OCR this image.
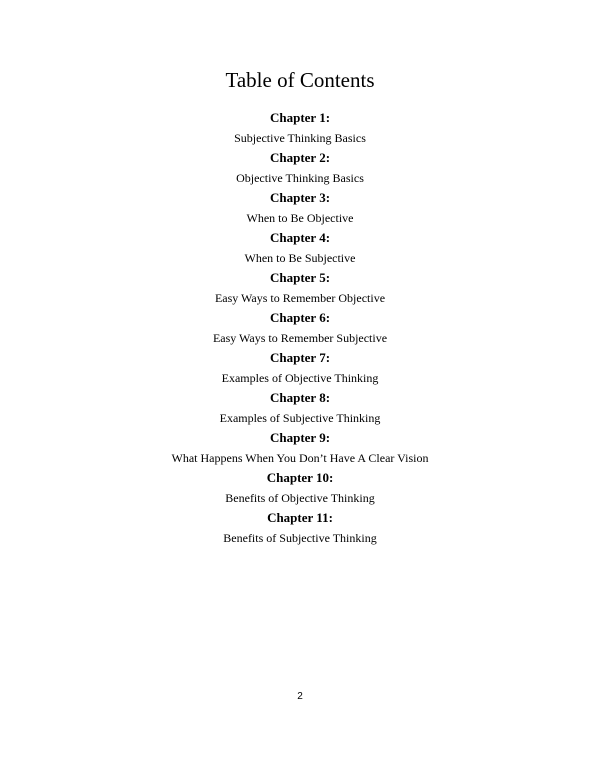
Table of Contents
Chapter 1:
Subjective Thinking Basics
Chapter 2:
Objective Thinking Basics
Chapter 3:
When to Be Objective
Chapter 4:
When to Be Subjective
Chapter 5:
Easy Ways to Remember Objective
Chapter 6:
Easy Ways to Remember Subjective
Chapter 7:
Examples of Objective Thinking
Chapter 8:
Examples of Subjective Thinking
Chapter 9:
What Happens When You Don’t Have A Clear Vision
Chapter 10:
Benefits of Objective Thinking
Chapter 11:
Benefits of Subjective Thinking
2
